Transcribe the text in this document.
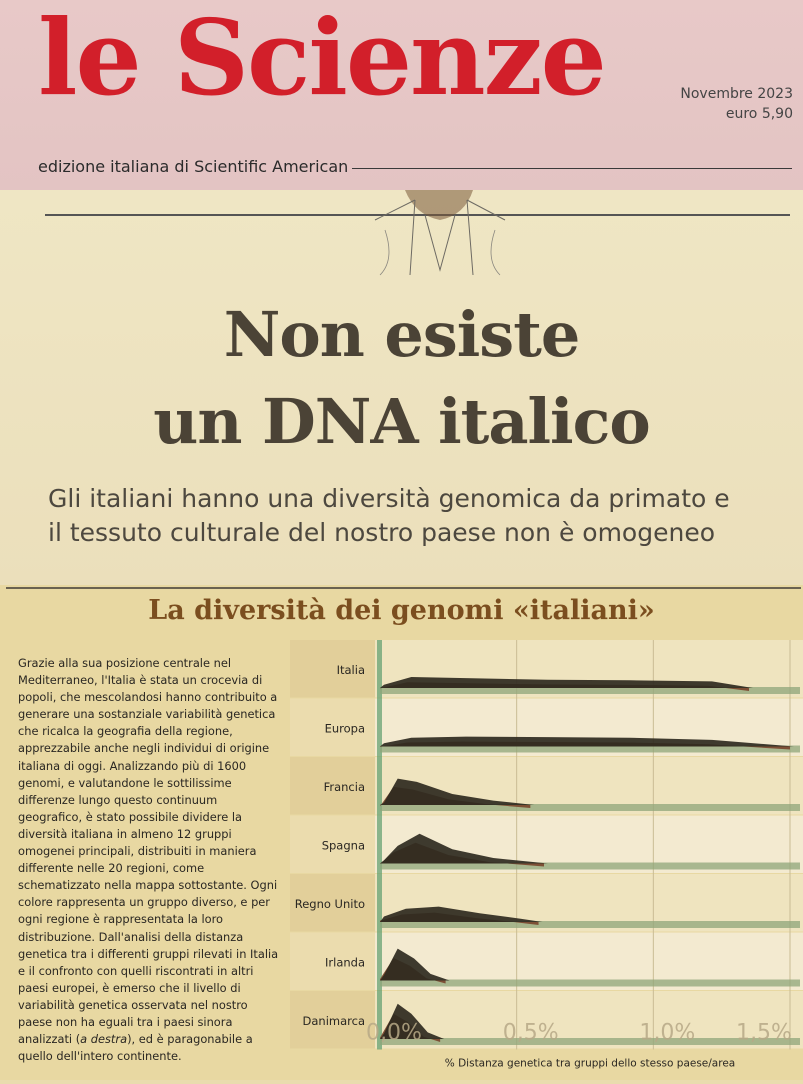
le Scienze	Novembre 2023
euro 5,90
edizione italiana di Scientific American
Non esiste
un DNA italico
Gli italiani hanno una diversità genomica da primato e
il tessuto culturale del nostro paese non è omogeneo
La diversità dei genomi «italiani»
Grazie alla sua posizione centrale nel Mediterraneo, l'Italia è stata un crocevia di popoli, che mescolandosi hanno contribuito a generare una sostanziale variabilità genetica che ricalca la geografia della regione, apprezzabile anche negli individui di origine italiana di oggi. Analizzando più di 1600 genomi, e valutandone le sottilissime differenze lungo questo continuum geografico, è stato possibile dividere la diversità italiana in almeno 12 gruppi omogenei principali, distribuiti in maniera differente nelle 20 regioni, come schematizzato nella mappa sottostante. Ogni colore rappresenta un gruppo diverso, e per ogni regione è rappresentata la loro distribuzione. Dall'analisi della distanza genetica tra i differenti gruppi rilevati in Italia e il confronto con quelli riscontrati in altri paesi europei, è emerso che il livello di variabilità genetica osservata nel nostro paese non ha eguali tra i paesi sinora analizzati (a destra), ed è paragonabile a quello dell'intero continente.
Italia
Europa
Francia
Spagna
Regno Unito
Irlanda
Danimarca 0,0%	0,5%	1,0% 1,5%
% Distanza genetica tra gruppi dello stesso paese/area
